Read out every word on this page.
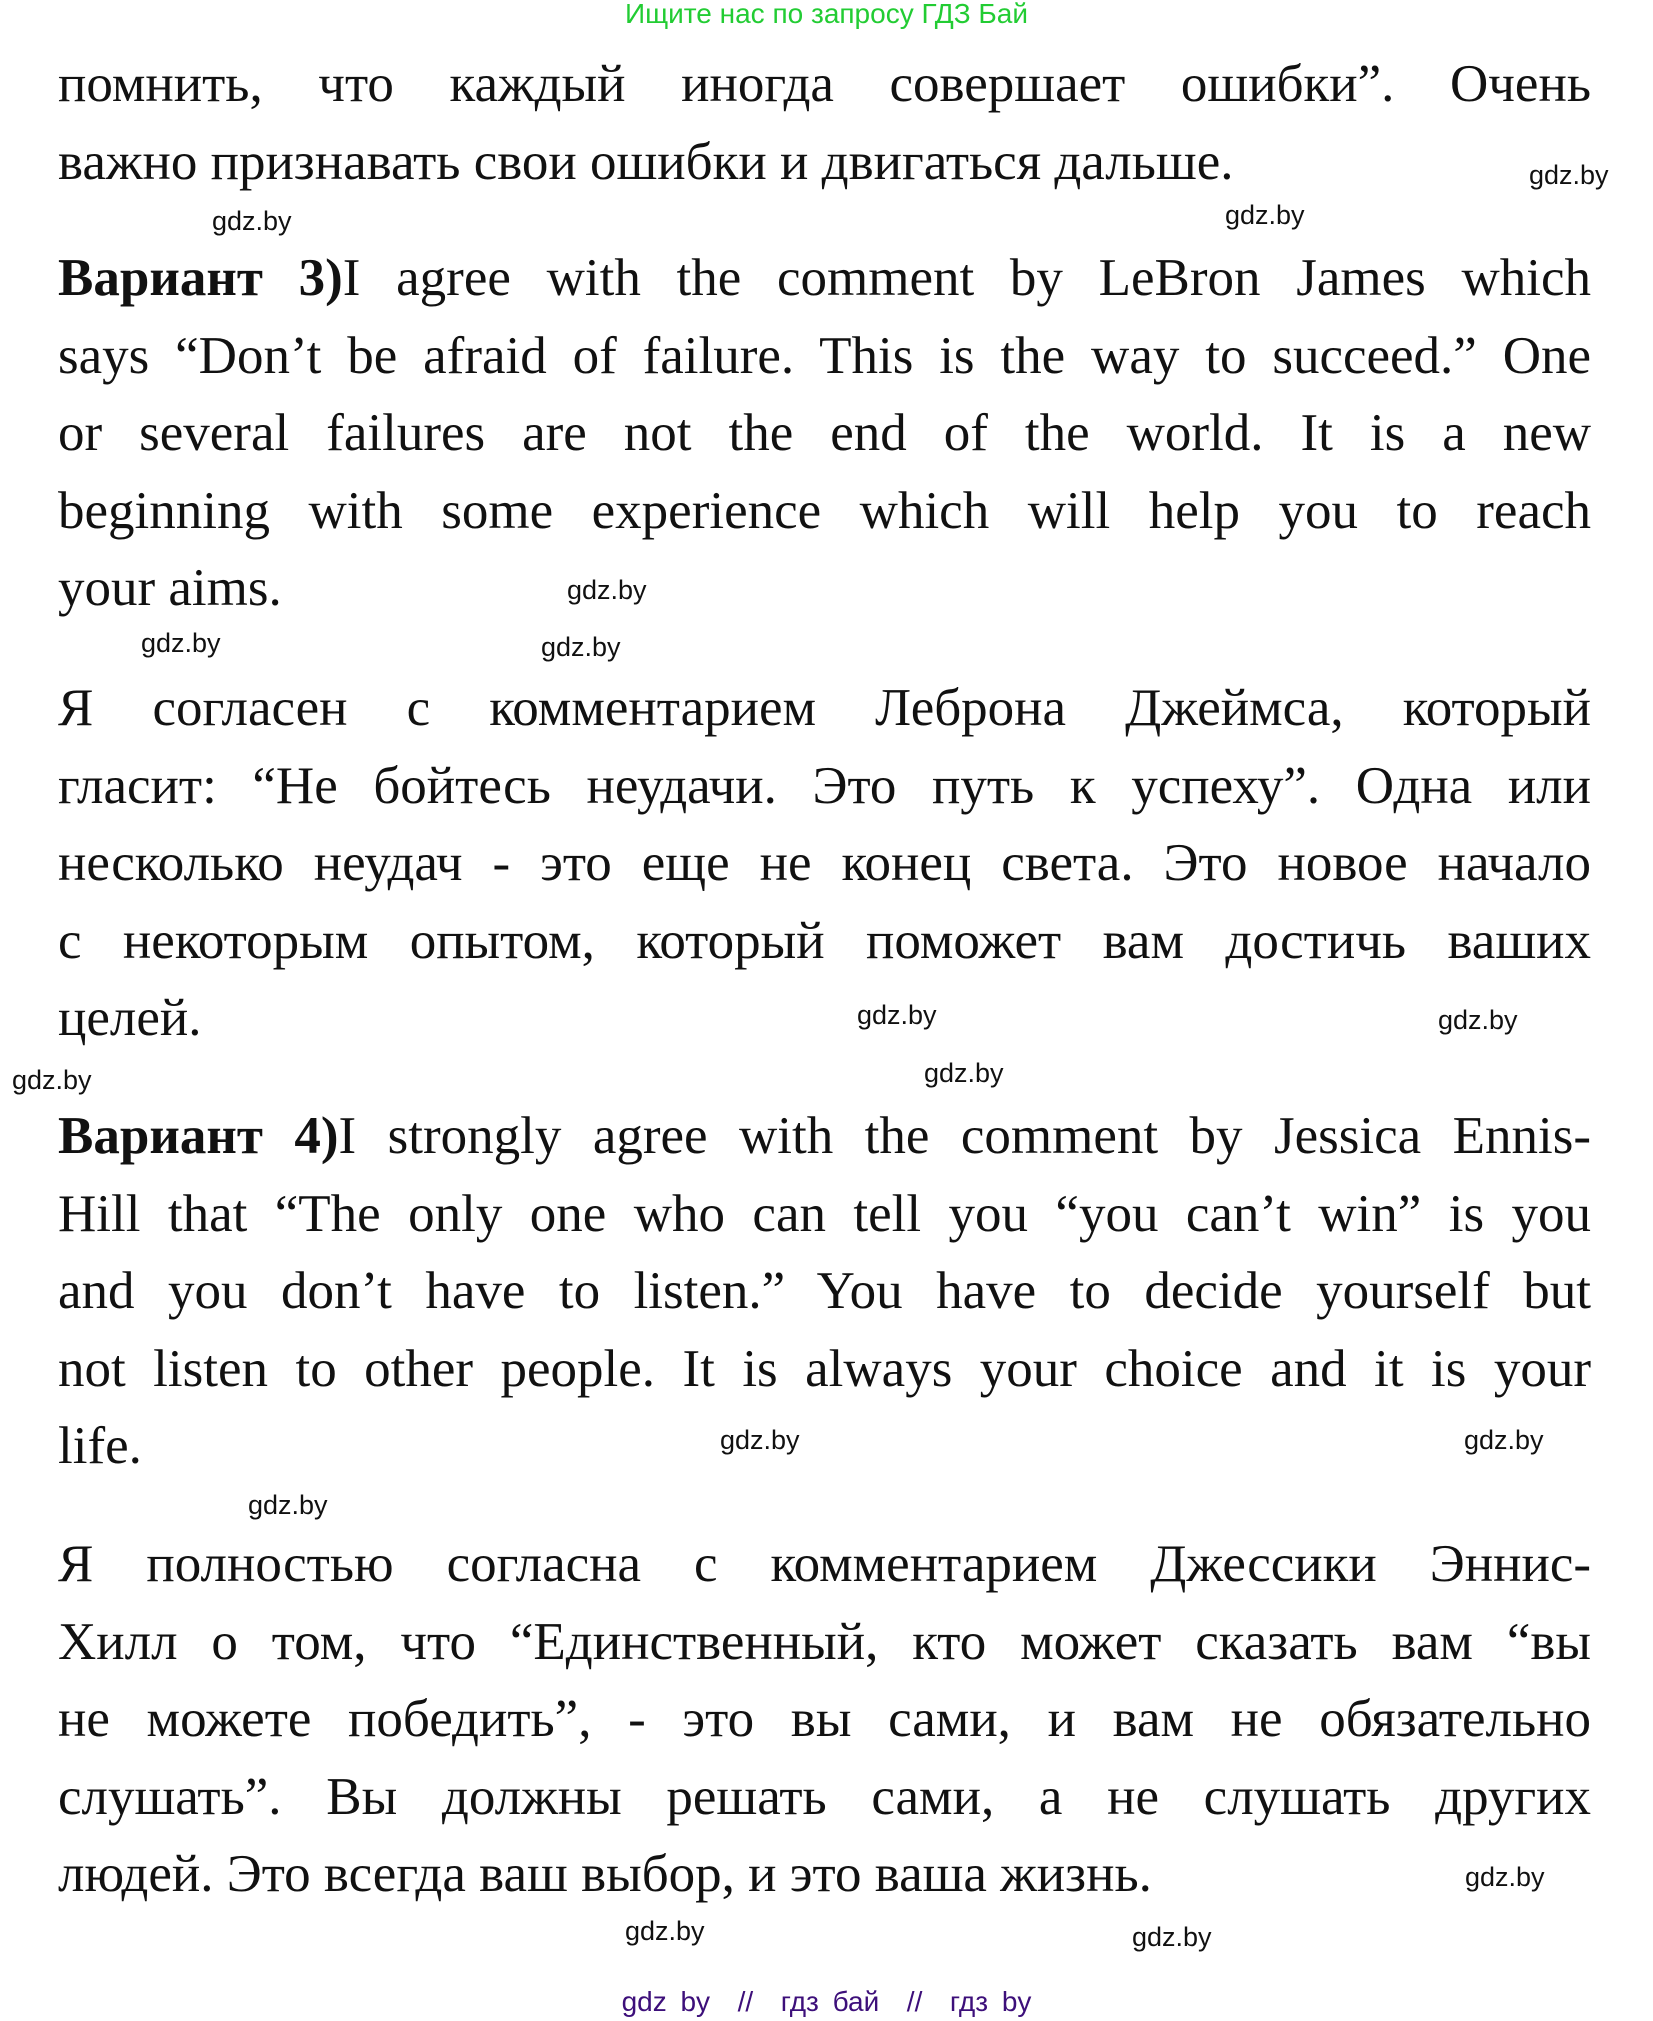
Ищите нас по запросу ГДЗ Бай
помнить, что каждый иногда совершает ошибки”. Очень
важно признавать свои ошибки и двигаться дальше.
Вариант 3)I agree with the comment by LeBron James which
says “Don’t be afraid of failure. This is the way to succeed.” One
or several failures are not the end of the world. It is a new
beginning with some experience which will help you to reach
your aims.
Я согласен с комментарием Леброна Джеймса, который
гласит: “Не бойтесь неудачи. Это путь к успеху”. Одна или
несколько неудач - это еще не конец света. Это новое начало
с некоторым опытом, который поможет вам достичь ваших
целей.
Вариант 4)I strongly agree with the comment by Jessica Ennis-
Hill that “The only one who can tell you “you can’t win” is you
and you don’t have to listen.” You have to decide yourself but
not listen to other people. It is always your choice and it is your
life.
Я полностью согласна с комментарием Джессики Эннис-
Хилл о том, что “Единственный, кто может сказать вам “вы
не можете победить”, - это вы сами, и вам не обязательно
слушать”. Вы должны решать сами, а не слушать других
людей. Это всегда ваш выбор, и это ваша жизнь.
gdz.by
gdz.by
gdz.by
gdz.by
gdz.by
gdz.by
gdz.by	gdz.by
gdz.by
gdz.by
gdz.by
gdz.by
gdz.by
gdz.by
gdz.by
gdz.by
gdz by  //  гдз бай  //  гдз by
